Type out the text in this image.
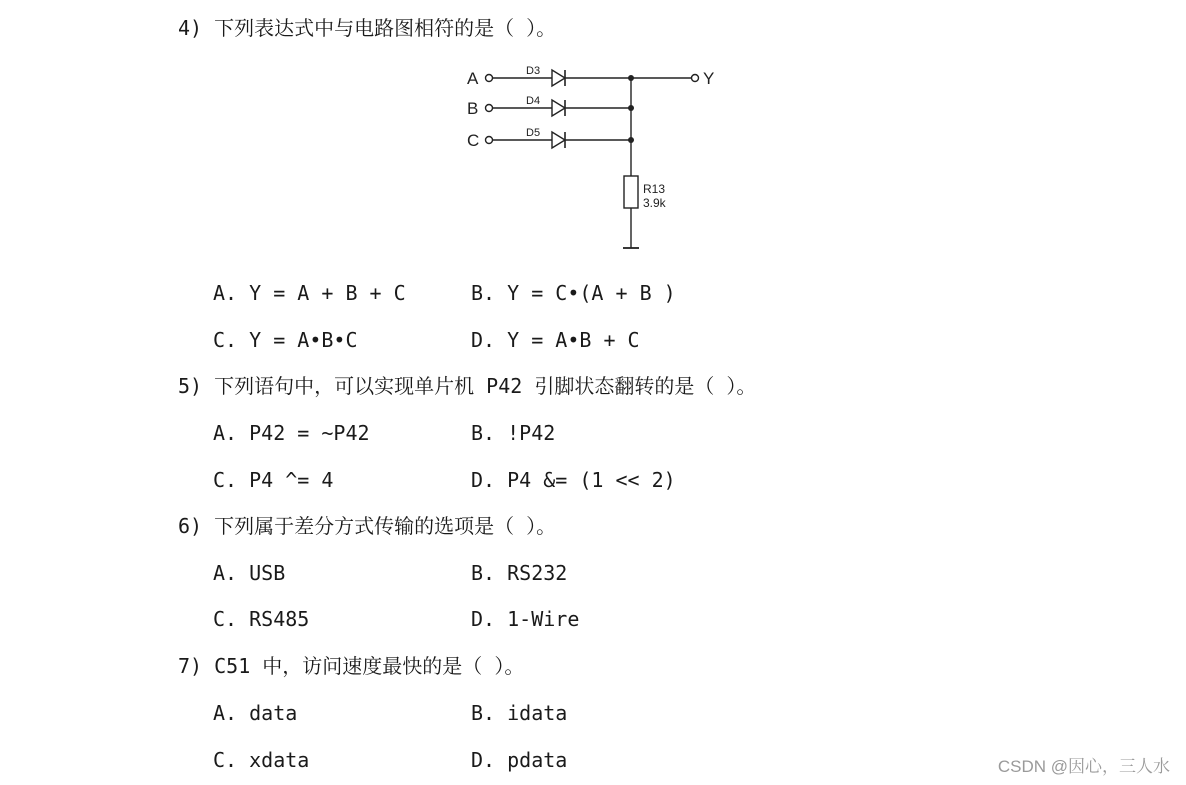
4) 下列表达式中与电路图相符的是（ ）。
A	D3	Y
B	D4
C	D5
R13
3.9k
A. Y = A + B + C	B. Y = C•(A + B )
C. Y = A•B•C	D. Y = A•B + C
5) 下列语句中，可以实现单片机 P42 引脚状态翻转的是（ ）。
A. P42 = ~P42	B. !P42
C. P4 ^= 4	D. P4 &= (1 << 2)
6) 下列属于差分方式传输的选项是（ ）。
A. USB	B. RS232
C. RS485	D. 1-Wire
7) C51 中，访问速度最快的是（ ）。
A. data	B. idata
C. xdata	D. pdata	CSDN @因心，三人水
